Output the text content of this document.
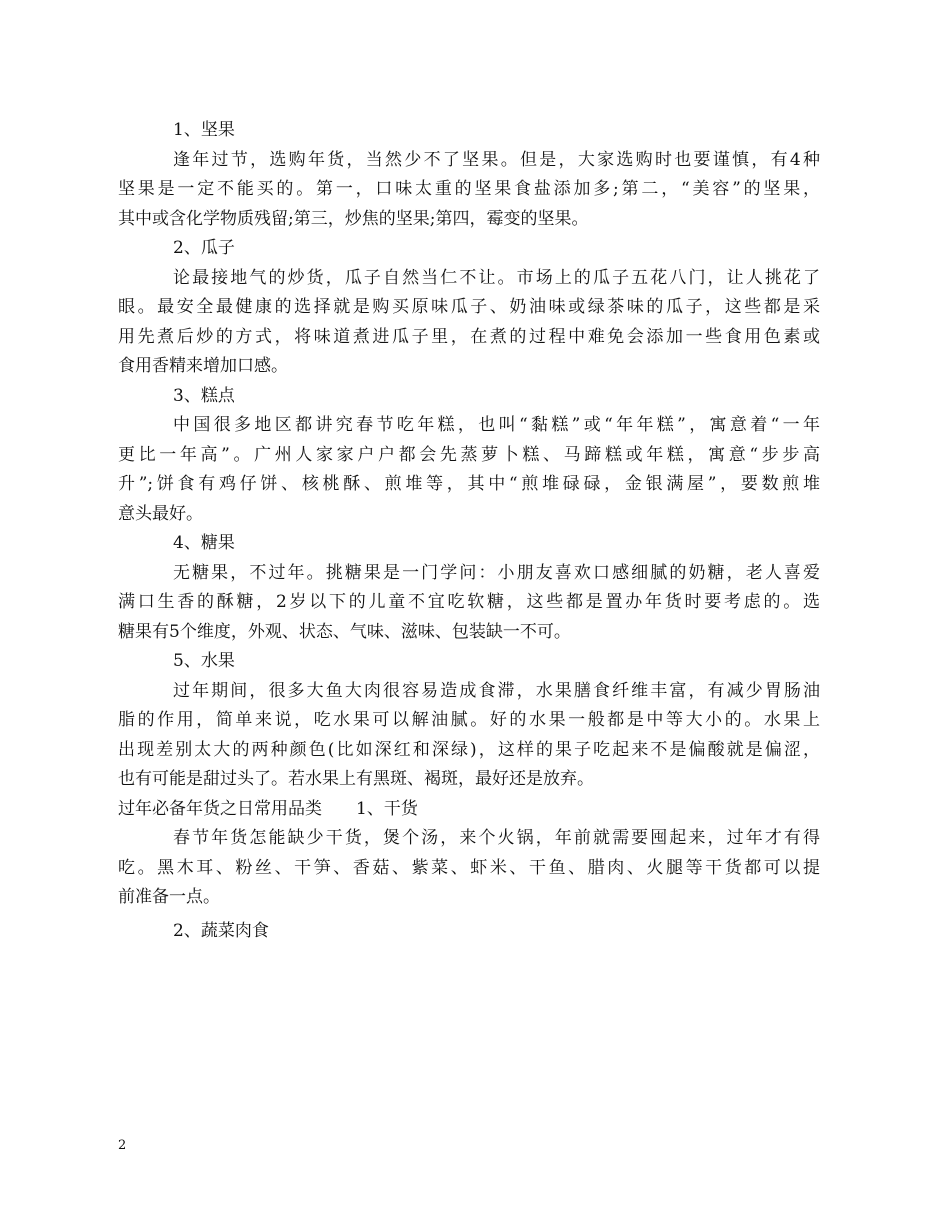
1、坚果

逢年过节，选购年货，当然少不了坚果。但是，大家选购时也要谨慎，有4种

坚果是一定不能买的。第一，口味太重的坚果食盐添加多;第二，“美容”的坚果，

其中或含化学物质残留;第三，炒焦的坚果;第四，霉变的坚果。

2、瓜子

论最接地气的炒货，瓜子自然当仁不让。市场上的瓜子五花八门，让人挑花了

眼。最安全最健康的选择就是购买原味瓜子、奶油味或绿茶味的瓜子，这些都是采

用先煮后炒的方式，将味道煮进瓜子里，在煮的过程中难免会添加一些食用色素或

食用香精来增加口感。

3、糕点

中国很多地区都讲究春节吃年糕，也叫“黏糕”或“年年糕”，寓意着“一年

更比一年高”。广州人家家户户都会先蒸萝卜糕、马蹄糕或年糕，寓意“步步高

升”;饼食有鸡仔饼、核桃酥、煎堆等，其中“煎堆碌碌，金银满屋”，要数煎堆

意头最好。

4、糖果

无糖果，不过年。挑糖果是一门学问：小朋友喜欢口感细腻的奶糖，老人喜爱

满口生香的酥糖，2岁以下的儿童不宜吃软糖，这些都是置办年货时要考虑的。选

糖果有5个维度，外观、状态、气味、滋味、包装缺一不可。

5、水果

过年期间，很多大鱼大肉很容易造成食滞，水果膳食纤维丰富，有减少胃肠油

脂的作用，简单来说，吃水果可以解油腻。好的水果一般都是中等大小的。水果上

出现差别太大的两种颜色(比如深红和深绿)，这样的果子吃起来不是偏酸就是偏涩，

也有可能是甜过头了。若水果上有黑斑、褐斑，最好还是放弃。

过年必备年货之日常用品类　　1、干货

春节年货怎能缺少干货，煲个汤，来个火锅，年前就需要囤起来，过年才有得

吃。黑木耳、粉丝、干笋、香菇、紫菜、虾米、干鱼、腊肉、火腿等干货都可以提

前准备一点。

2、蔬菜肉食

2
